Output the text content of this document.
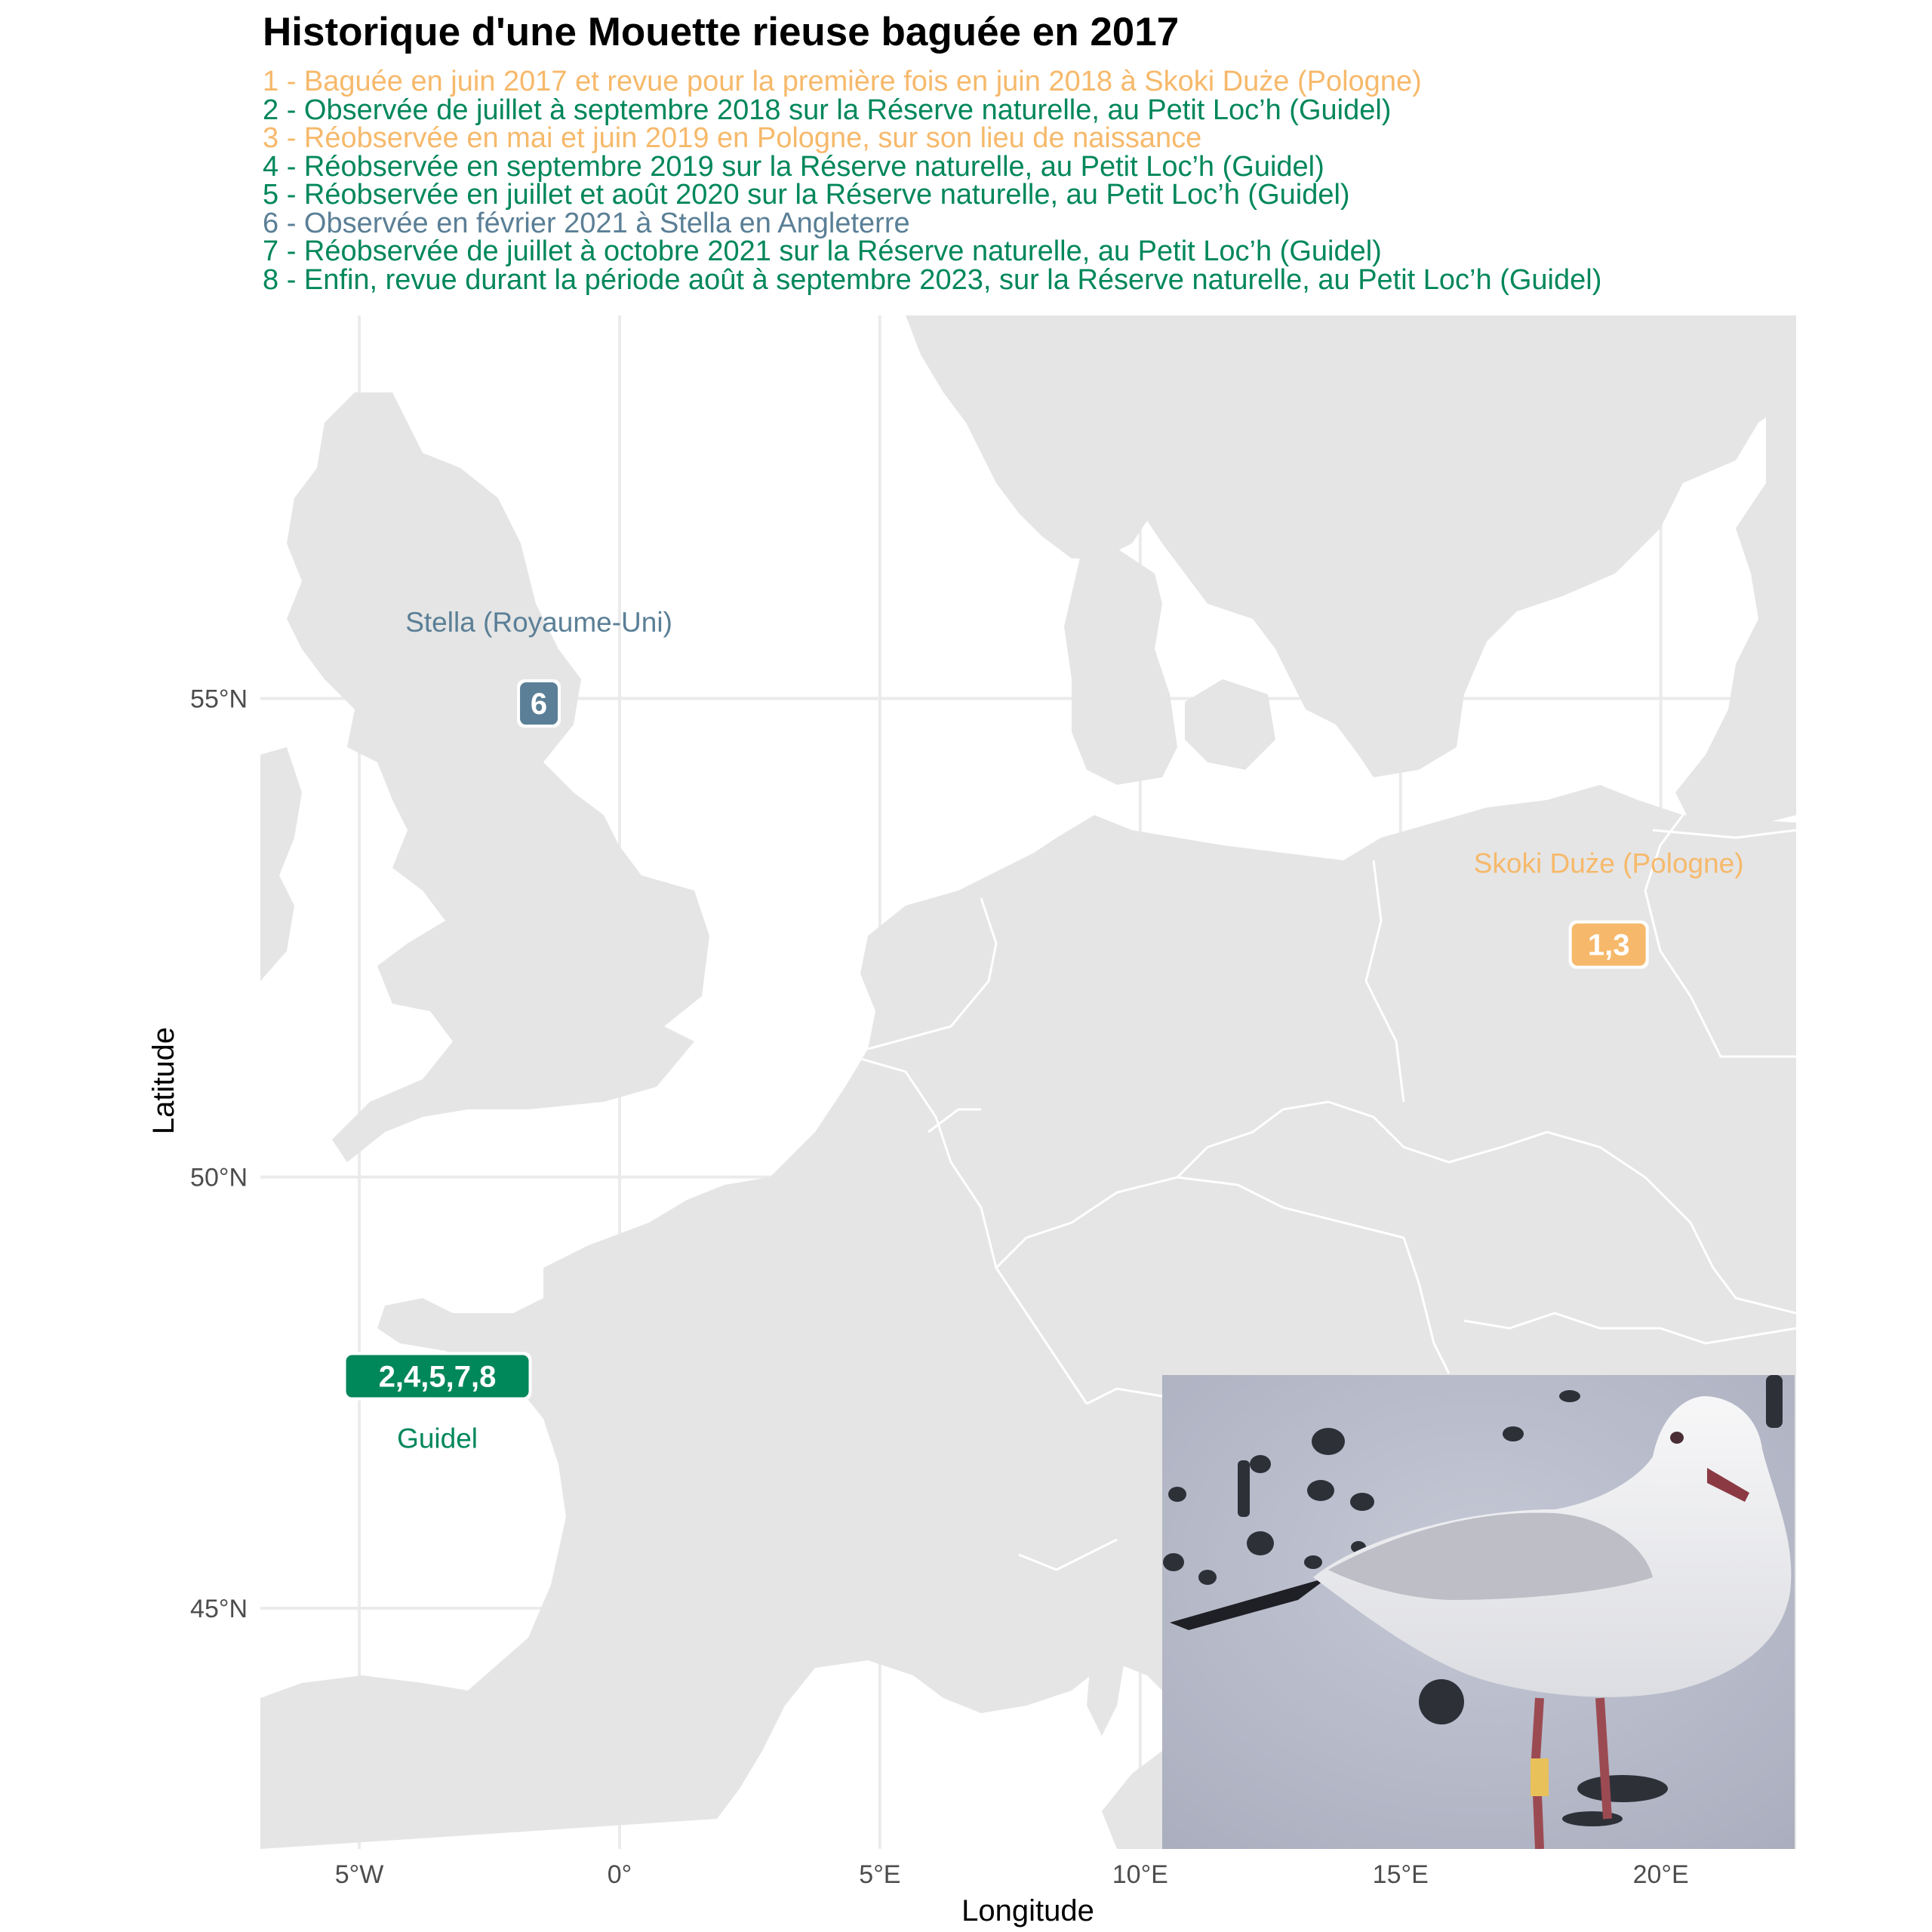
Historique d'une Mouette rieuse baguée en 2017
1 - Baguée en juin 2017 et revue pour la première fois en juin 2018 à Skoki Duże (Pologne)
2 - Observée de juillet à septembre 2018 sur la Réserve naturelle, au Petit Loc’h (Guidel)
3 - Réobservée en mai et juin 2019 en Pologne, sur son lieu de naissance
4 - Réobservée en septembre 2019 sur la Réserve naturelle, au Petit Loc’h (Guidel)
5 - Réobservée en juillet et août 2020 sur la Réserve naturelle, au Petit Loc’h (Guidel)
6 - Observée en février 2021 à Stella en Angleterre
7 - Réobservée de juillet à octobre 2021 sur la Réserve naturelle, au Petit Loc’h (Guidel)
8 - Enfin, revue durant la période août à septembre 2023, sur la Réserve naturelle, au Petit Loc’h (Guidel)
6
Stella (Royaume-Uni)
1,3
Skoki Duże (Pologne)
2,4,5,7,8
Guidel
5°W	0°	5°E	10°E	15°E	20°E
45°N
50°N
55°N
Longitude
Latitude
